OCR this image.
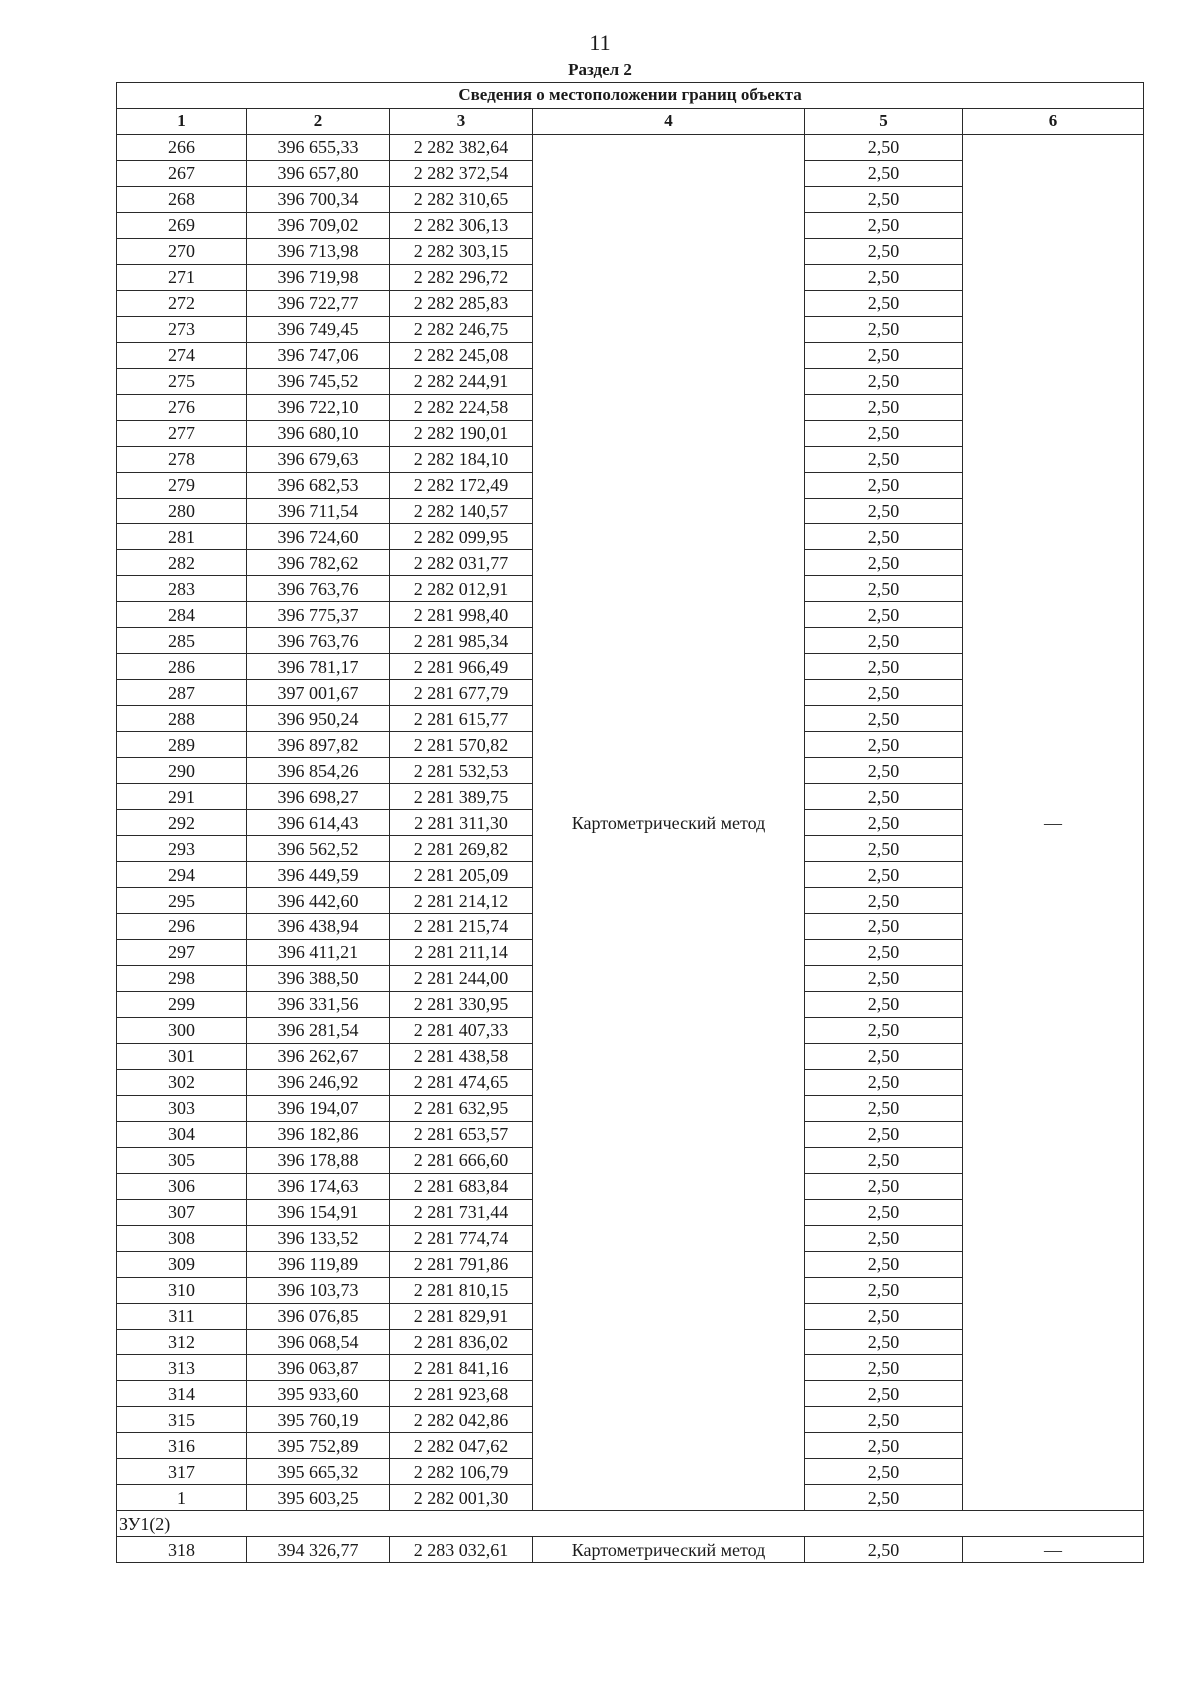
11
Раздел 2
Сведения о местоположении границ объекта					
1	2	3	4	5	6
266	396 655,33	2 282 382,64	Картометрический метод	2,50	—
267	396 657,80	2 282 372,54		2,50	
268	396 700,34	2 282 310,65		2,50	
269	396 709,02	2 282 306,13		2,50	
270	396 713,98	2 282 303,15		2,50	
271	396 719,98	2 282 296,72		2,50	
272	396 722,77	2 282 285,83		2,50	
273	396 749,45	2 282 246,75		2,50	
274	396 747,06	2 282 245,08		2,50	
275	396 745,52	2 282 244,91		2,50	
276	396 722,10	2 282 224,58		2,50	
277	396 680,10	2 282 190,01		2,50	
278	396 679,63	2 282 184,10		2,50	
279	396 682,53	2 282 172,49		2,50	
280	396 711,54	2 282 140,57		2,50	
281	396 724,60	2 282 099,95		2,50	
282	396 782,62	2 282 031,77		2,50	
283	396 763,76	2 282 012,91		2,50	
284	396 775,37	2 281 998,40		2,50	
285	396 763,76	2 281 985,34		2,50	
286	396 781,17	2 281 966,49		2,50	
287	397 001,67	2 281 677,79		2,50	
288	396 950,24	2 281 615,77		2,50	
289	396 897,82	2 281 570,82		2,50	
290	396 854,26	2 281 532,53		2,50	
291	396 698,27	2 281 389,75		2,50	
292	396 614,43	2 281 311,30		2,50	
293	396 562,52	2 281 269,82		2,50	
294	396 449,59	2 281 205,09		2,50	
295	396 442,60	2 281 214,12		2,50	
296	396 438,94	2 281 215,74		2,50	
297	396 411,21	2 281 211,14		2,50	
298	396 388,50	2 281 244,00		2,50	
299	396 331,56	2 281 330,95		2,50	
300	396 281,54	2 281 407,33		2,50	
301	396 262,67	2 281 438,58		2,50	
302	396 246,92	2 281 474,65		2,50	
303	396 194,07	2 281 632,95		2,50	
304	396 182,86	2 281 653,57		2,50	
305	396 178,88	2 281 666,60		2,50	
306	396 174,63	2 281 683,84		2,50	
307	396 154,91	2 281 731,44		2,50	
308	396 133,52	2 281 774,74		2,50	
309	396 119,89	2 281 791,86		2,50	
310	396 103,73	2 281 810,15		2,50	
311	396 076,85	2 281 829,91		2,50	
312	396 068,54	2 281 836,02		2,50	
313	396 063,87	2 281 841,16		2,50	
314	395 933,60	2 281 923,68		2,50	
315	395 760,19	2 282 042,86		2,50	
316	395 752,89	2 282 047,62		2,50	
317	395 665,32	2 282 106,79		2,50	
1	395 603,25	2 282 001,30		2,50	
ЗУ1(2)					
318	394 326,77	2 283 032,61	Картометрический метод	2,50	—
